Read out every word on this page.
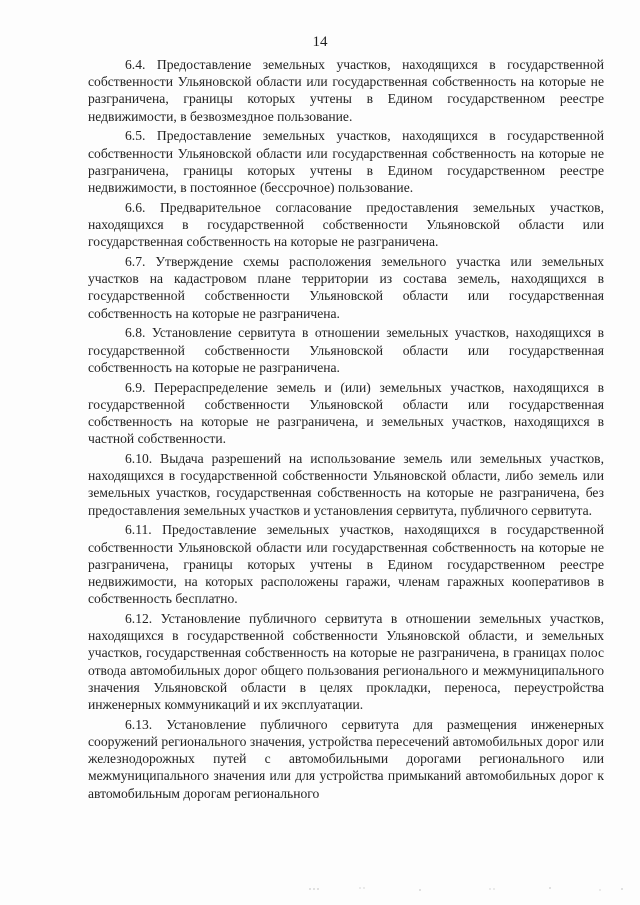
14

6.4. Предоставление земельных участков, находящихся в государственной собственности Ульяновской области или государственная собственность на которые не разграничена, границы которых учтены в Едином государственном реестре недвижимости, в безвозмездное пользование.

6.5. Предоставление земельных участков, находящихся в государственной собственности Ульяновской области или государственная собственность на которые не разграничена, границы которых учтены в Едином государственном реестре недвижимости, в постоянное (бессрочное) пользование.

6.6. Предварительное согласование предоставления земельных участков, находящихся в государственной собственности Ульяновской области или государственная собственность на которые не разграничена.

6.7. Утверждение схемы расположения земельного участка или земельных участков на кадастровом плане территории из состава земель, находящихся в государственной собственности Ульяновской области или государственная собственность на которые не разграничена.

6.8. Установление сервитута в отношении земельных участков, находящихся в государственной собственности Ульяновской области или государственная собственность на которые не разграничена.

6.9. Перераспределение земель и (или) земельных участков, находящихся в государственной собственности Ульяновской области или государственная собственность на которые не разграничена, и земельных участков, находящихся в частной собственности.

6.10. Выдача разрешений на использование земель или земельных участков, находящихся в государственной собственности Ульяновской области, либо земель или земельных участков, государственная собственность на которые не разграничена, без предоставления земельных участков и установления сервитута, публичного сервитута.

6.11. Предоставление земельных участков, находящихся в государственной собственности Ульяновской области или государственная собственность на которые не разграничена, границы которых учтены в Едином государственном реестре недвижимости, на которых расположены гаражи, членам гаражных кооперативов в собственность бесплатно.

6.12. Установление публичного сервитута в отношении земельных участков, находящихся в государственной собственности Ульяновской области, и земельных участков, государственная собственность на которые не разграничена, в границах полос отвода автомобильных дорог общего пользования регионального и межмуниципального значения Ульяновской области в целях прокладки, переноса, переустройства инженерных коммуникаций и их эксплуатации.

6.13. Установление публичного сервитута для размещения инженерных сооружений регионального значения, устройства пересечений автомобильных дорог или железнодорожных путей с автомобильными дорогами регионального или межмуниципального значения или для устройства примыканий автомобильных дорог к автомобильным дорогам регионального
